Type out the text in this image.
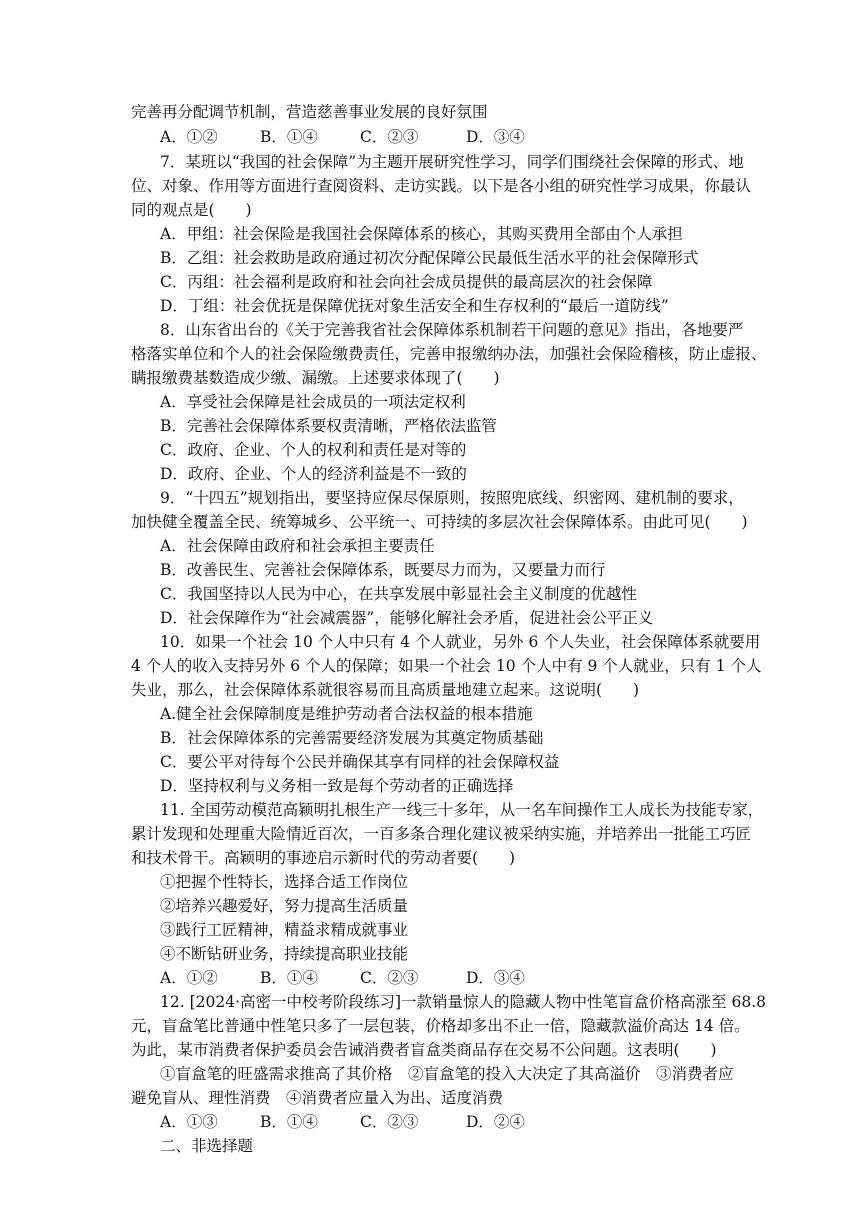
完善再分配调节机制，营造慈善事业发展的良好氛围
A．①②	B．①④	C．②③	D．③④
7．某班以“我国的社会保障”为主题开展研究性学习，同学们围绕社会保障的形式、地
位、对象、作用等方面进行查阅资料、走访实践。以下是各小组的研究性学习成果，你最认
同的观点是(　　)
A．甲组：社会保险是我国社会保障体系的核心，其购买费用全部由个人承担
B．乙组：社会救助是政府通过初次分配保障公民最低生活水平的社会保障形式
C．丙组：社会福利是政府和社会向社会成员提供的最高层次的社会保障
D．丁组：社会优抚是保障优抚对象生活安全和生存权利的“最后一道防线”
8．山东省出台的《关于完善我省社会保障体系机制若干问题的意见》指出，各地要严
格落实单位和个人的社会保险缴费责任，完善申报缴纳办法，加强社会保险稽核，防止虚报、
瞒报缴费基数造成少缴、漏缴。上述要求体现了(　　)
A．享受社会保障是社会成员的一项法定权利
B．完善社会保障体系要权责清晰，严格依法监管
C．政府、企业、个人的权利和责任是对等的
D．政府、企业、个人的经济利益是不一致的
9．“十四五”规划指出，要坚持应保尽保原则，按照兜底线、织密网、建机制的要求，
加快健全覆盖全民、统筹城乡、公平统一、可持续的多层次社会保障体系。由此可见(　　)
A．社会保障由政府和社会承担主要责任
B．改善民生、完善社会保障体系，既要尽力而为，又要量力而行
C．我国坚持以人民为中心，在共享发展中彰显社会主义制度的优越性
D．社会保障作为“社会减震器”，能够化解社会矛盾，促进社会公平正义
10．如果一个社会 10 个人中只有 4 个人就业，另外 6 个人失业，社会保障体系就要用
4 个人的收入支持另外 6 个人的保障；如果一个社会 10 个人中有 9 个人就业，只有 1 个人
失业，那么，社会保障体系就很容易而且高质量地建立起来。这说明(　　)
A.健全社会保障制度是维护劳动者合法权益的根本措施
B．社会保障体系的完善需要经济发展为其奠定物质基础
C．要公平对待每个公民并确保其享有同样的社会保障权益
D．坚持权利与义务相一致是每个劳动者的正确选择
11. 全国劳动模范高颖明扎根生产一线三十多年，从一名车间操作工人成长为技能专家，
累计发现和处理重大险情近百次，一百多条合理化建议被采纳实施，并培养出一批能工巧匠
和技术骨干。高颖明的事迹启示新时代的劳动者要(　　)
①把握个性特长，选择合适工作岗位
②培养兴趣爱好，努力提高生活质量
③践行工匠精神，精益求精成就事业
④不断钻研业务，持续提高职业技能
A．①②	B．①④	C．②③	D．③④
12. [2024·高密一中校考阶段练习]一款销量惊人的隐藏人物中性笔盲盒价格高涨至 68.8
元，盲盒笔比普通中性笔只多了一层包装，价格却多出不止一倍，隐藏款溢价高达 14 倍。
为此，某市消费者保护委员会告诫消费者盲盒类商品存在交易不公问题。这表明(　　)
①盲盒笔的旺盛需求推高了其价格　②盲盒笔的投入大决定了其高溢价　③消费者应
避免盲从、理性消费　④消费者应量入为出、适度消费
A．①③	B．①④	C．②③	D．②④
二、非选择题
